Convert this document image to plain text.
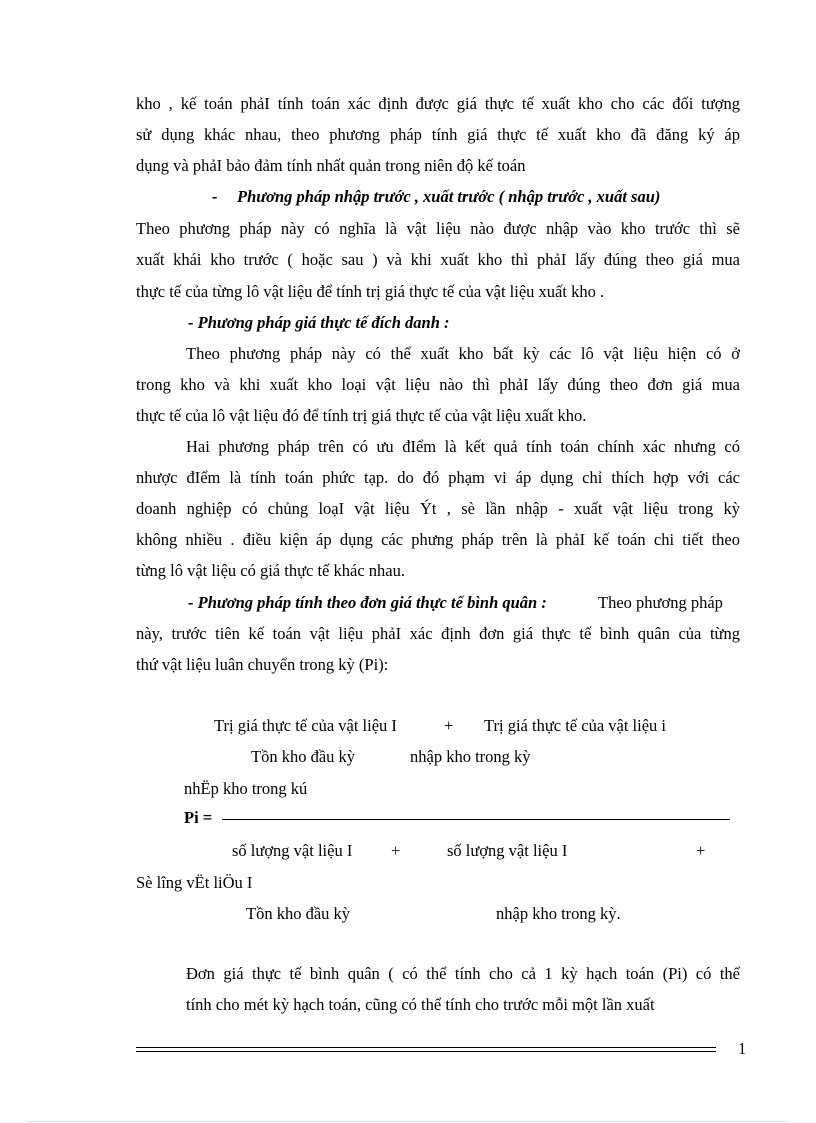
kho , kế toán phảI tính toán xác định được giá thực tế xuất kho cho các đối tượng
sử dụng khác nhau, theo phương pháp tính giá thực tế xuất kho đã đăng ký áp
dụng và phảI bảo đảm tính nhất quản trong niên độ kế toán
- Phương pháp nhập trước , xuất trước ( nhập trước , xuất sau)
Theo phương pháp này có nghĩa là vật liệu nào được nhập vào kho trước thì sẽ
xuất khái kho trước ( hoặc sau ) và khi xuất kho thì phảI lấy đúng theo giá mua
thực tế của từng lô vật liệu để tính trị giá thực tế của vật liệu xuất kho .
- Phương pháp giá thực tế đích danh :
Theo phương pháp này có thể xuất kho bất kỳ các lô vật liệu hiện có ở
trong kho và khi xuất kho loại vật liệu nào thì phảI lấy đúng theo đơn giá mua
thực tế của lô vật liệu đó để tính trị giá thực tế của vật liệu xuất kho.
Hai phương pháp trên có ưu đIểm là kết quả tính toán chính xác nhưng có
nhược đIểm là tính toán phức tạp. do đó phạm vi áp dụng chỉ thích hợp với các
doanh nghiệp có chủng loạI vật liệu Ýt , sè lần nhập - xuất vật liệu trong kỳ
không nhiều . điều kiện áp dụng các phưng pháp trên là phảI kế toán chi tiết theo
từng lô vật liệu có giá thực tế khác nhau.
- Phương pháp tính theo đơn giá thực tế bình quân :	Theo phương pháp
này, trước tiên kế toán vật liệu phảI xác định đơn giá thực tế bình quân của từng
thứ vật liệu luân chuyển trong kỳ (Pi):
Trị giá thực tế của vật liệu I	+ Trị giá thực tế của vật liệu i
Tồn kho đầu kỳ	nhập kho trong kỳ
nhËp kho trong kú
Pi =
số lượng vật liệu I +	số lượng vật liệu I	+
Sè lîng vËt liÖu I
Tồn kho đầu kỳ	nhập kho trong kỳ.
Đơn giá thực tế bình quân ( có thể tính cho cả 1 kỳ hạch toán (Pi) có thể
tính cho mét kỳ hạch toán, cũng có thể tính cho trước mỗi một lần xuất
1
